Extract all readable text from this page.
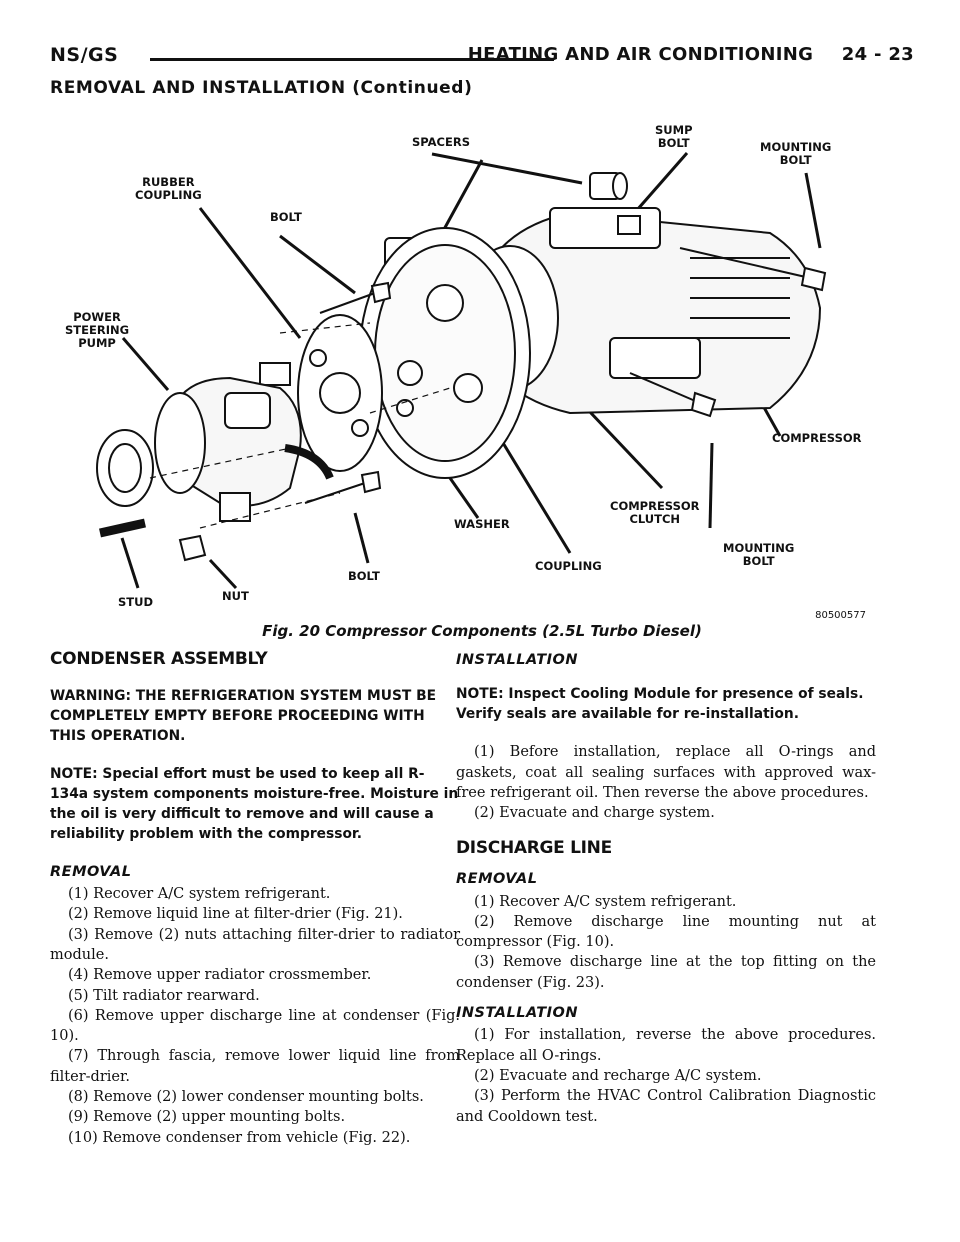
NS/GS	HEATING AND AIR CONDITIONING 24 - 23
REMOVAL AND INSTALLATION (Continued)
SPACERS
SUMP
BOLT	MOUNTING
BOLT
RUBBER
COUPLING
BOLT
POWER
STEERING
PUMP
COMPRESSOR
COMPRESSOR
CLUTCH
WASHER
MOUNTING
BOLT
COUPLING
BOLT
STUD	NUT
80500577
Fig. 20 Compressor Components (2.5L Turbo Diesel)
CONDENSER ASSEMBLY

WARNING: THE REFRIGERATION SYSTEM MUST BE COMPLETELY EMPTY BEFORE PROCEEDING WITH THIS OPERATION.

NOTE: Special effort must be used to keep all R-134a system components moisture-free. Moisture in the oil is very difficult to remove and will cause a reliability problem with the compressor.

REMOVAL

(1) Recover A/C system refrigerant.

(2) Remove liquid line at filter-drier (Fig. 21).

(3) Remove (2) nuts attaching filter-drier to radiator module.

(4) Remove upper radiator crossmember.

(5) Tilt radiator rearward.

(6) Remove upper discharge line at condenser (Fig. 10).

(7) Through fascia, remove lower liquid line from filter-drier.

(8) Remove (2) lower condenser mounting bolts.

(9) Remove (2) upper mounting bolts.

(10) Remove condenser from vehicle (Fig. 22).

INSTALLATION

NOTE: Inspect Cooling Module for presence of seals. Verify seals are available for re-installation.

(1) Before installation, replace all O-rings and gaskets, coat all sealing surfaces with approved wax-free refrigerant oil. Then reverse the above procedures.

(2) Evacuate and charge system.

DISCHARGE LINE
REMOVAL

(1) Recover A/C system refrigerant.

(2) Remove discharge line mounting nut at compressor (Fig. 10).

(3) Remove discharge line at the top fitting on the condenser (Fig. 23).

INSTALLATION

(1) For installation, reverse the above procedures. Replace all O-rings.

(2) Evacuate and recharge A/C system.

(3) Perform the HVAC Control Calibration Diagnostic and Cooldown test.
